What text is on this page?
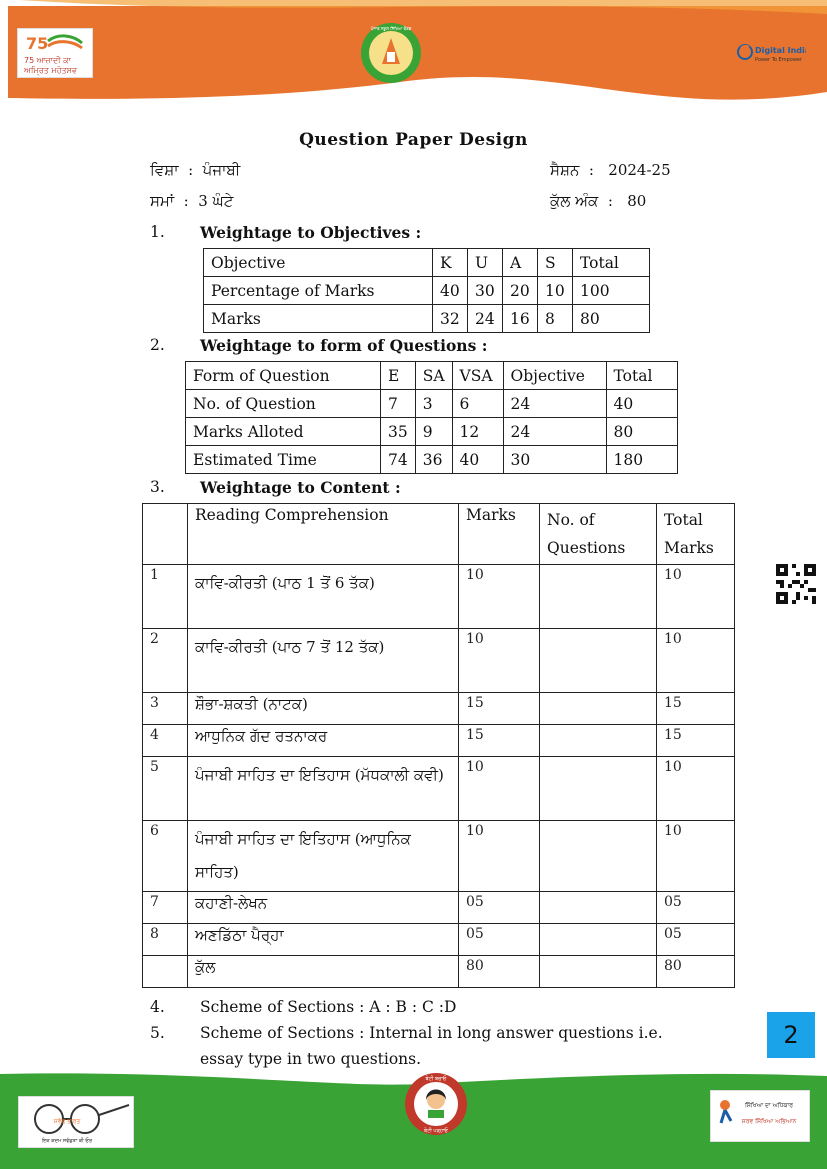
75
75 ਆਜ਼ਾਦੀ ਕਾ
ਅਮ੍ਰਿਤ ਮਹੋਤਸਵ
ਪੰਜਾਬ ਸਕੂਲ ਸਿੱਖਿਆ ਬੋਰਡ
Digital India
Power To Empower
Question Paper Design
ਵਿਸ਼ਾ  :  ਪੰਜਾਬੀ	ਸੈਸ਼ਨ  :   2024-25
ਸਮਾਂ  :  3 ਘੰਟੇ	ਕੁੱਲ ਅੰਕ  :   80
1. Weightage to Objectives :
Objective	K	U	A	S	Total
Percentage of Marks	40	30	20	10	100
Marks	32	24	16	8	80
2. Weightage to form of Questions :
Form of Question	E	SA	VSA	Objective	Total
No. of Question	7	3	6	24	40
Marks Alloted	35	9	12	24	80
Estimated Time	74	36	40	30	180
3. Weightage to Content :
	Reading Comprehension	Marks	No. of Questions	Total Marks
1	ਕਾਵਿ-ਕੀਰਤੀ (ਪਾਠ 1 ਤੋਂ 6 ਤੱਕ)	10		10
2	ਕਾਵਿ-ਕੀਰਤੀ (ਪਾਠ 7 ਤੋਂ 12 ਤੱਕ)	10		10
3	ਸ਼ੌਭਾ-ਸ਼ਕਤੀ (ਨਾਟਕ)	15		15
4	ਆਧੁਨਿਕ ਗੱਦ ਰਤਨਾਕਰ	15		15
5	ਪੰਜਾਬੀ ਸਾਹਿਤ ਦਾ ਇਤਿਹਾਸ (ਮੱਧਕਾਲੀ ਕਵੀ)	10		10
6	ਪੰਜਾਬੀ ਸਾਹਿਤ ਦਾ ਇਤਿਹਾਸ (ਆਧੁਨਿਕ ਸਾਹਿਤ)	10		10
7	ਕਹਾਣੀ-ਲੇਖਨ	05		05
8	ਅਣਡਿੱਠਾ ਪੈਰ੍ਹਾ	05		05
	ਕੁੱਲ	80		80
4. Scheme of Sections : A : B : C :D
5. Scheme of Sections : Internal in long answer questions i.e.
essay type in two questions.
2
ਸਵੱਛ ਭਾਰਤ
ਇਕ ਕਦਮ ਸਵੱਛਤਾ ਕੀ ਓਰ
ਬੇਟੀ ਬਚਾਓ
ਬੇਟੀ ਪੜ੍ਹਾਓ
ਸਿੱਖਿਆ ਦਾ ਅਧਿਕਾਰ
ਸਰਵ ਸਿੱਖਿਆ ਅਭਿਆਨ
